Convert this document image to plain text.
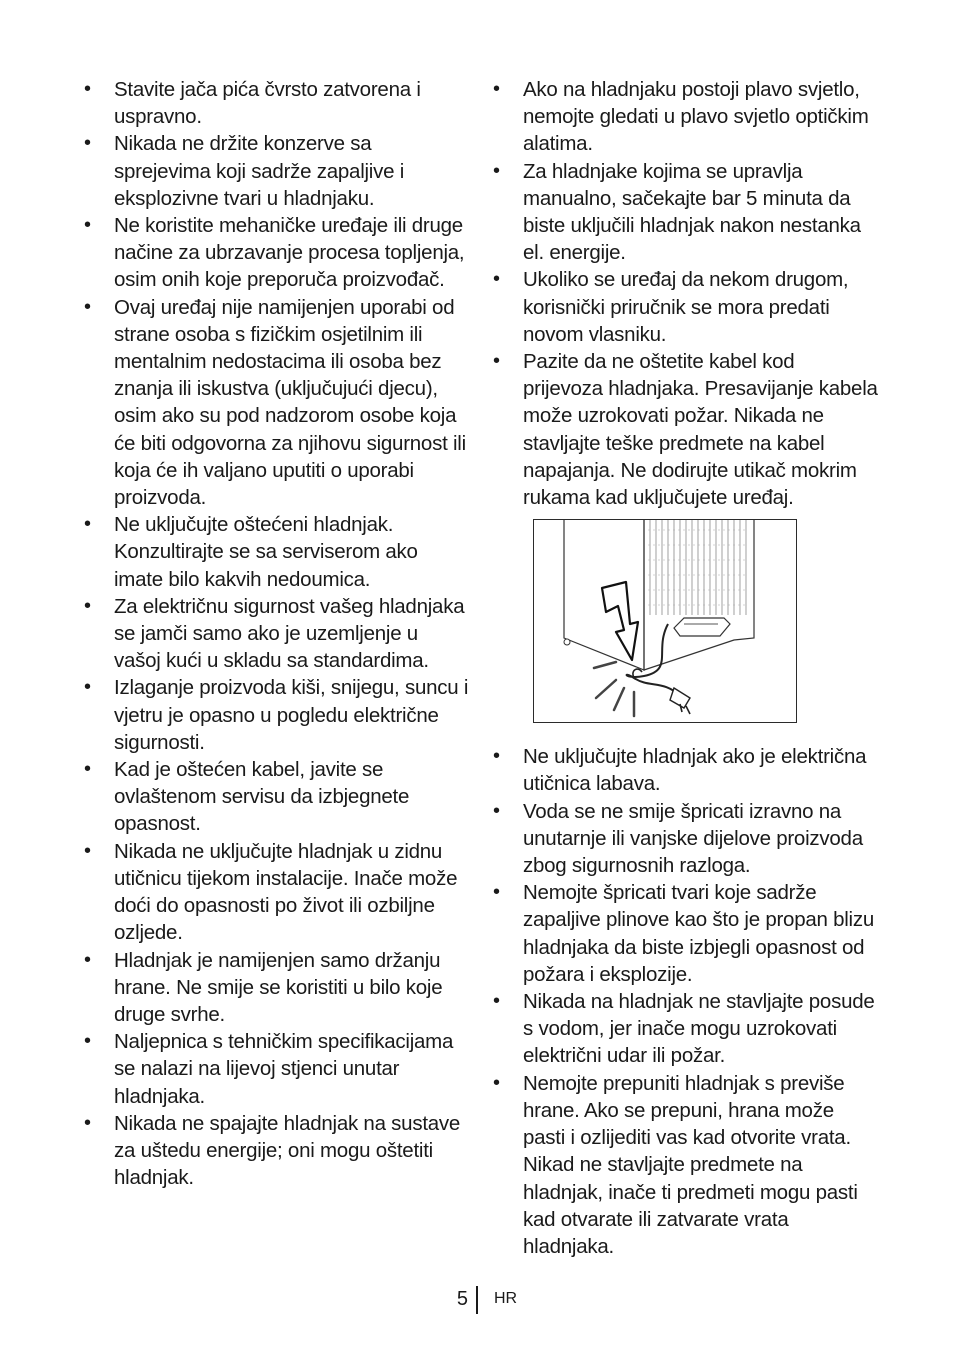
•	Stavite jača pića čvrsto zatvorena i uspravno.
•	Nikada ne držite konzerve sa sprejevima koji sadrže zapaljive i eksplozivne tvari u hladnjaku.
•	Ne koristite mehaničke uređaje ili druge načine za ubrzavanje procesa topljenja, osim onih koje preporuča proizvođač.
•	Ovaj uređaj nije namijenjen uporabi od strane osoba s fizičkim osjetilnim ili mentalnim nedostacima ili osoba bez znanja ili iskustva (uključujući djecu), osim ako su pod nadzorom osobe koja će biti odgovorna za njihovu sigurnost ili koja će ih valjano uputiti o uporabi proizvoda.
•	Ne uključujte oštećeni hladnjak. Konzultirajte se sa serviserom ako imate bilo kakvih nedoumica.
•	Za električnu sigurnost vašeg hladnjaka se jamči samo ako je uzemljenje u vašoj kući u skladu sa standardima.
•	Izlaganje proizvoda kiši, snijegu, suncu i vjetru je opasno u pogledu električne sigurnosti.
•	Kad je oštećen kabel, javite se ovlaštenom servisu da izbjegnete opasnost.
•	Nikada ne uključujte hladnjak u zidnu utičnicu tijekom instalacije. Inače može doći do opasnosti po život ili ozbiljne ozljede.
•	Hladnjak je namijenjen samo držanju hrane. Ne smije se koristiti u bilo koje druge svrhe.
•	Naljepnica s tehničkim specifikacijama se nalazi na lijevoj stjenci unutar hladnjaka.
•	Nikada ne spajajte hladnjak na sustave za uštedu energije; oni mogu oštetiti hladnjak.
•	Ako na hladnjaku postoji plavo svjetlo, nemojte gledati u plavo svjetlo optičkim alatima.
•	Za hladnjake kojima se upravlja manualno, sačekajte bar 5 minuta da biste uključili hladnjak nakon nestanka el. energije.
•	Ukoliko se uređaj da nekom drugom, korisnički priručnik se mora predati novom vlasniku.
•	Pazite da ne oštetite kabel kod prijevoza hladnjaka. Presavijanje kabela može uzrokovati požar. Nikada ne stavljajte teške predmete na kabel napajanja. Ne dodirujte utikač mokrim rukama kad uključujete uređaj.
•	Ne uključujte hladnjak ako je električna utičnica labava.
•	Voda se ne smije špricati izravno na unutarnje ili vanjske dijelove proizvoda zbog sigurnosnih razloga.
•	Nemojte špricati tvari koje sadrže zapaljive plinove kao što je propan blizu hladnjaka da biste izbjegli opasnost od požara i eksplozije.
•	Nikada na hladnjak ne stavljajte posude s vodom, jer inače mogu uzrokovati električni udar ili požar.
•	Nemojte prepuniti hladnjak s previše hrane. Ako se prepuni, hrana može pasti i ozlijediti vas kad otvorite vrata. Nikad ne stavljajte predmete na hladnjak, inače ti predmeti mogu pasti kad otvarate ili zatvarate vrata hladnjaka.
5 HR
